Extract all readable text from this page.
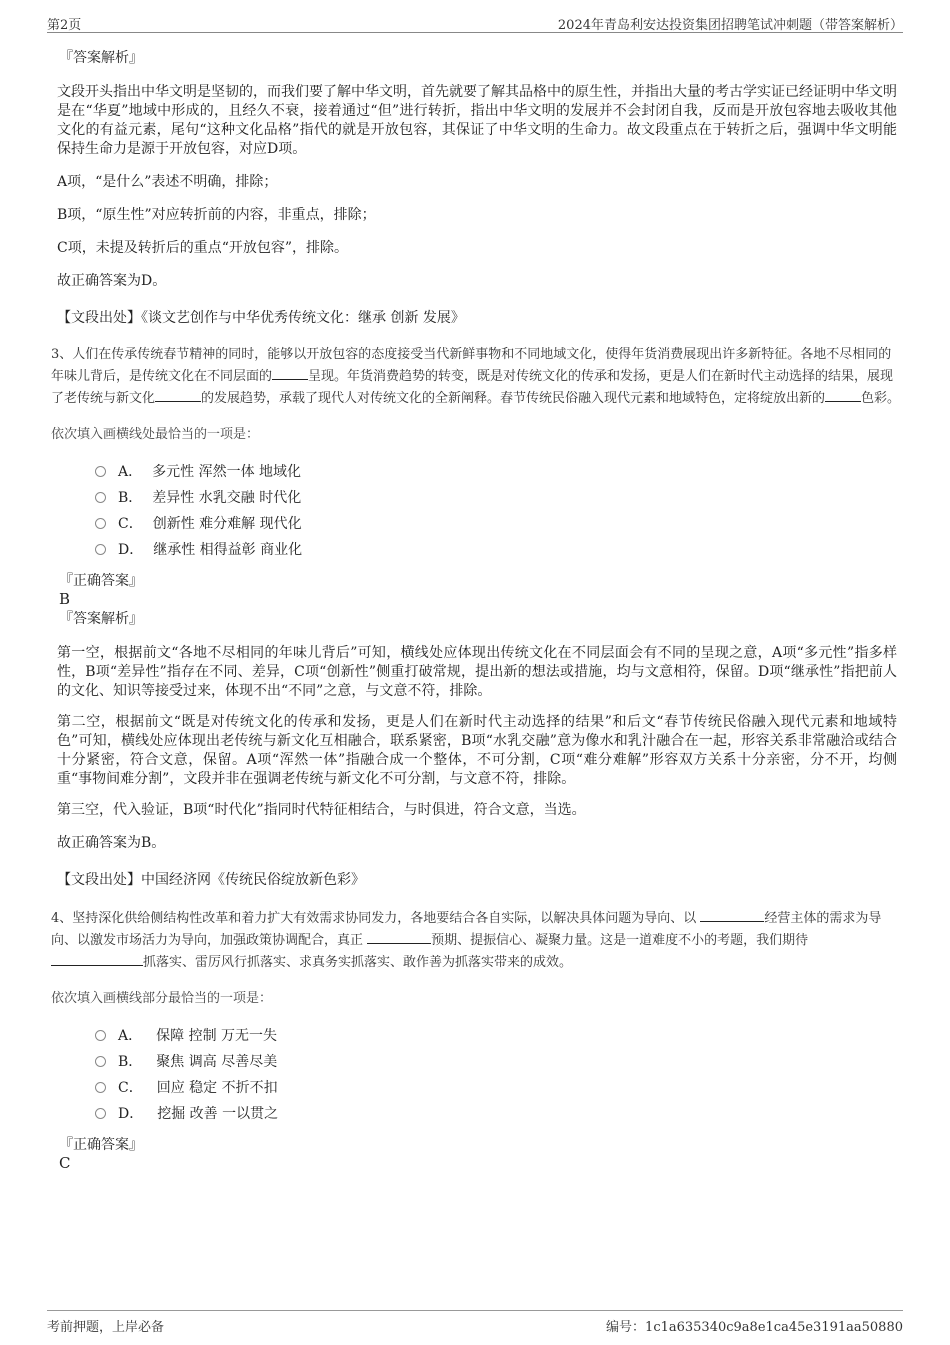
第2页	2024年青岛利安达投资集团招聘笔试冲刺题（带答案解析）
『答案解析』
文段开头指出中华文明是坚韧的，而我们要了解中华文明，首先就要了解其品格中的原生性，并指出大量的考古学实证已经证明中华文明是在“华夏”地域中形成的，且经久不衰，接着通过“但”进行转折，指出中华文明的发展并不会封闭自我，反而是开放包容地去吸收其他文化的有益元素，尾句“这种文化品格”指代的就是开放包容，其保证了中华文明的生命力。故文段重点在于转折之后，强调中华文明能保持生命力是源于开放包容，对应D项。
A项，“是什么”表述不明确，排除；
B项，“原生性”对应转折前的内容，非重点，排除；
C项，未提及转折后的重点“开放包容”，排除。
故正确答案为D。
【文段出处】《谈文艺创作与中华优秀传统文化：继承 创新 发展》
3、人们在传承传统春节精神的同时，能够以开放包容的态度接受当代新鲜事物和不同地域文化，使得年货消费展现出许多新特征。各地不尽相同的年味儿背后，是传统文化在不同层面的	呈现。年货消费趋势的转变，既是对传统文化的传承和发扬，更是人们在新时代主动选择的结果，展现了老传统与新文化	的发展趋势，承载了现代人对传统文化的全新阐释。春节传统民俗融入现代元素和地域特色，定将绽放出新的	色彩。
依次填入画横线处最恰当的一项是：
A． 多元性 浑然一体 地域化
B． 差异性 水乳交融 时代化
C． 创新性 难分难解 现代化
D． 继承性 相得益彰 商业化
『正确答案』
B
『答案解析』
第一空，根据前文“各地不尽相同的年味儿背后”可知，横线处应体现出传统文化在不同层面会有不同的呈现之意，A项“多元性”指多样性，B项“差异性”指存在不同、差异，C项“创新性”侧重打破常规，提出新的想法或措施，均与文意相符，保留。D项“继承性”指把前人的文化、知识等接受过来，体现不出“不同”之意，与文意不符，排除。
第二空，根据前文“既是对传统文化的传承和发扬，更是人们在新时代主动选择的结果”和后文“春节传统民俗融入现代元素和地域特色”可知，横线处应体现出老传统与新文化互相融合，联系紧密，B项“水乳交融”意为像水和乳汁融合在一起，形容关系非常融洽或结合十分紧密，符合文意，保留。A项“浑然一体”指融合成一个整体，不可分割，C项“难分难解”形容双方关系十分亲密，分不开，均侧重“事物间难分割”，文段并非在强调老传统与新文化不可分割，与文意不符，排除。
第三空，代入验证，B项“时代化”指同时代特征相结合，与时俱进，符合文意，当选。
故正确答案为B。
【文段出处】中国经济网《传统民俗绽放新色彩》
4、坚持深化供给侧结构性改革和着力扩大有效需求协同发力，各地要结合各自实际，以解决具体问题为导向、以	经营主体的需求为导向、以激发市场活力为导向，加强政策协调配合，真正	预期、提振信心、凝聚力量。这是一道难度不小的考题，我们期待
抓落实、雷厉风行抓落实、求真务实抓落实、敢作善为抓落实带来的成效。
依次填入画横线部分最恰当的一项是：
A． 保障 控制 万无一失
B． 聚焦 调高 尽善尽美
C． 回应 稳定 不折不扣
D． 挖掘 改善 一以贯之
『正确答案』
C
考前押题，上岸必备	编号：1c1a635340c9a8e1ca45e3191aa50880
